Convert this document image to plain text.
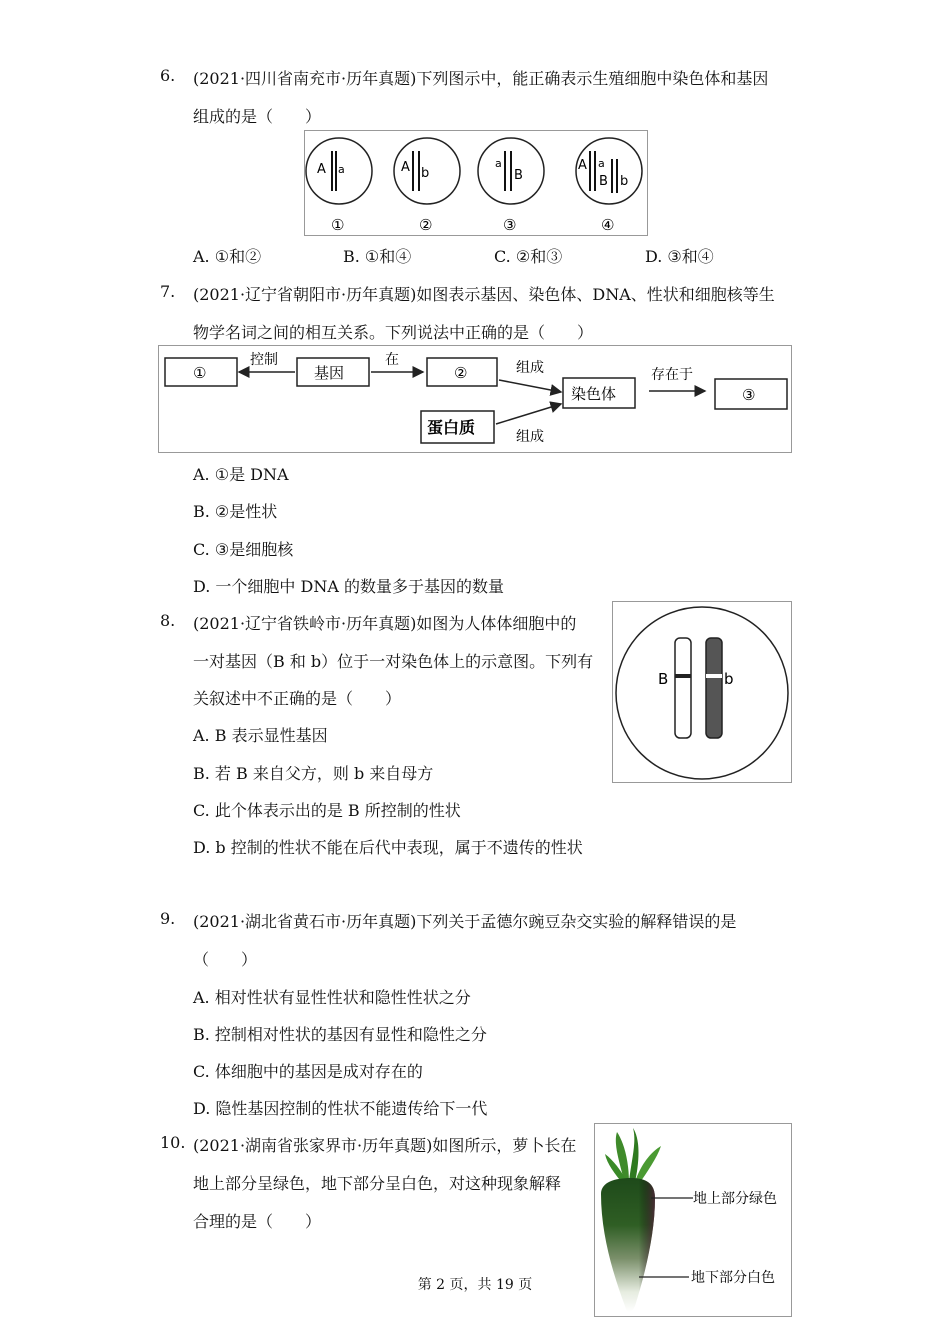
6. (2021·四川省南充市·历年真题)下列图示中，能正确表示生殖细胞中染色体和基因
组成的是（　　）
A a
①
A b
②
a
B
③
A a
B b
④
A. ①和②	B. ①和④	C. ②和③	D. ③和④
7. (2021·辽宁省朝阳市·历年真题)如图表示基因、染色体、DNA、性状和细胞核等生
物学名词之间的相互关系。下列说法中正确的是（　　）
①
控制
基因
在
②	组成
染色体
组成
蛋白质
存在于
③
A. ①是 DNA
B. ②是性状
C. ③是细胞核
D. 一个细胞中 DNA 的数量多于基因的数量
8. (2021·辽宁省铁岭市·历年真题)如图为人体体细胞中的
一对基因（B 和 b）位于一对染色体上的示意图。下列有
关叙述中不正确的是（　　）
B	b
A. B 表示显性基因
B. 若 B 来自父方，则 b 来自母方
C. 此个体表示出的是 B 所控制的性状
D. b 控制的性状不能在后代中表现，属于不遗传的性状
9. (2021·湖北省黄石市·历年真题)下列关于孟德尔豌豆杂交实验的解释错误的是
（　　）
A. 相对性状有显性性状和隐性性状之分
B. 控制相对性状的基因有显性和隐性之分
C. 体细胞中的基因是成对存在的
D. 隐性基因控制的性状不能遗传给下一代
10. (2021·湖南省张家界市·历年真题)如图所示，萝卜长在
地上部分呈绿色，地下部分呈白色，对这种现象解释
合理的是（　　）
地上部分绿色
地下部分白色
第 2 页，共 19 页
